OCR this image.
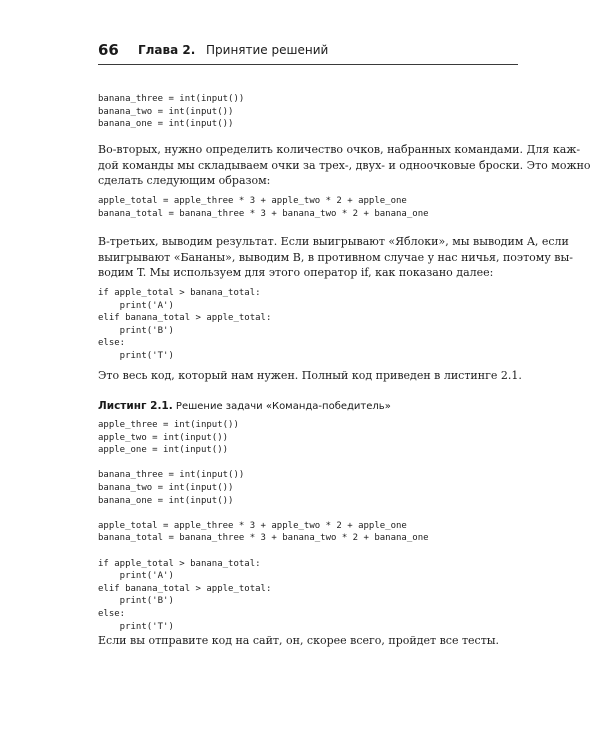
66 Глава 2. Принятие решений
banana_three = int(input())
banana_two = int(input())
banana_one = int(input())
Во-вторых, нужно определить количество очков, набранных командами. Для каж-
дой команды мы складываем очки за трех-, двух- и одноочковые броски. Это можно
сделать следующим образом:
apple_total = apple_three * 3 + apple_two * 2 + apple_one
banana_total = banana_three * 3 + banana_two * 2 + banana_one
В-третьих, выводим результат. Если выигрывают «Яблоки», мы выводим A, если
выигрывают «Бананы», выводим B, в противном случае у нас ничья, поэтому вы-
водим T. Мы используем для этого оператор if, как показано далее:
if apple_total > banana_total:
print('A')
elif banana_total > apple_total:
print('B')
else:
print('T')
Это весь код, который нам нужен. Полный код приведен в листинге 2.1.
Листинг 2.1. Решение задачи «Команда-победитель»
apple_three = int(input())
apple_two = int(input())
apple_one = int(input())
banana_three = int(input())
banana_two = int(input())
banana_one = int(input())
apple_total = apple_three * 3 + apple_two * 2 + apple_one
banana_total = banana_three * 3 + banana_two * 2 + banana_one
if apple_total > banana_total:
print('A')
elif banana_total > apple_total:
print('B')
else:
print('T')
Если вы отправите код на сайт, он, скорее всего, пройдет все тесты.
